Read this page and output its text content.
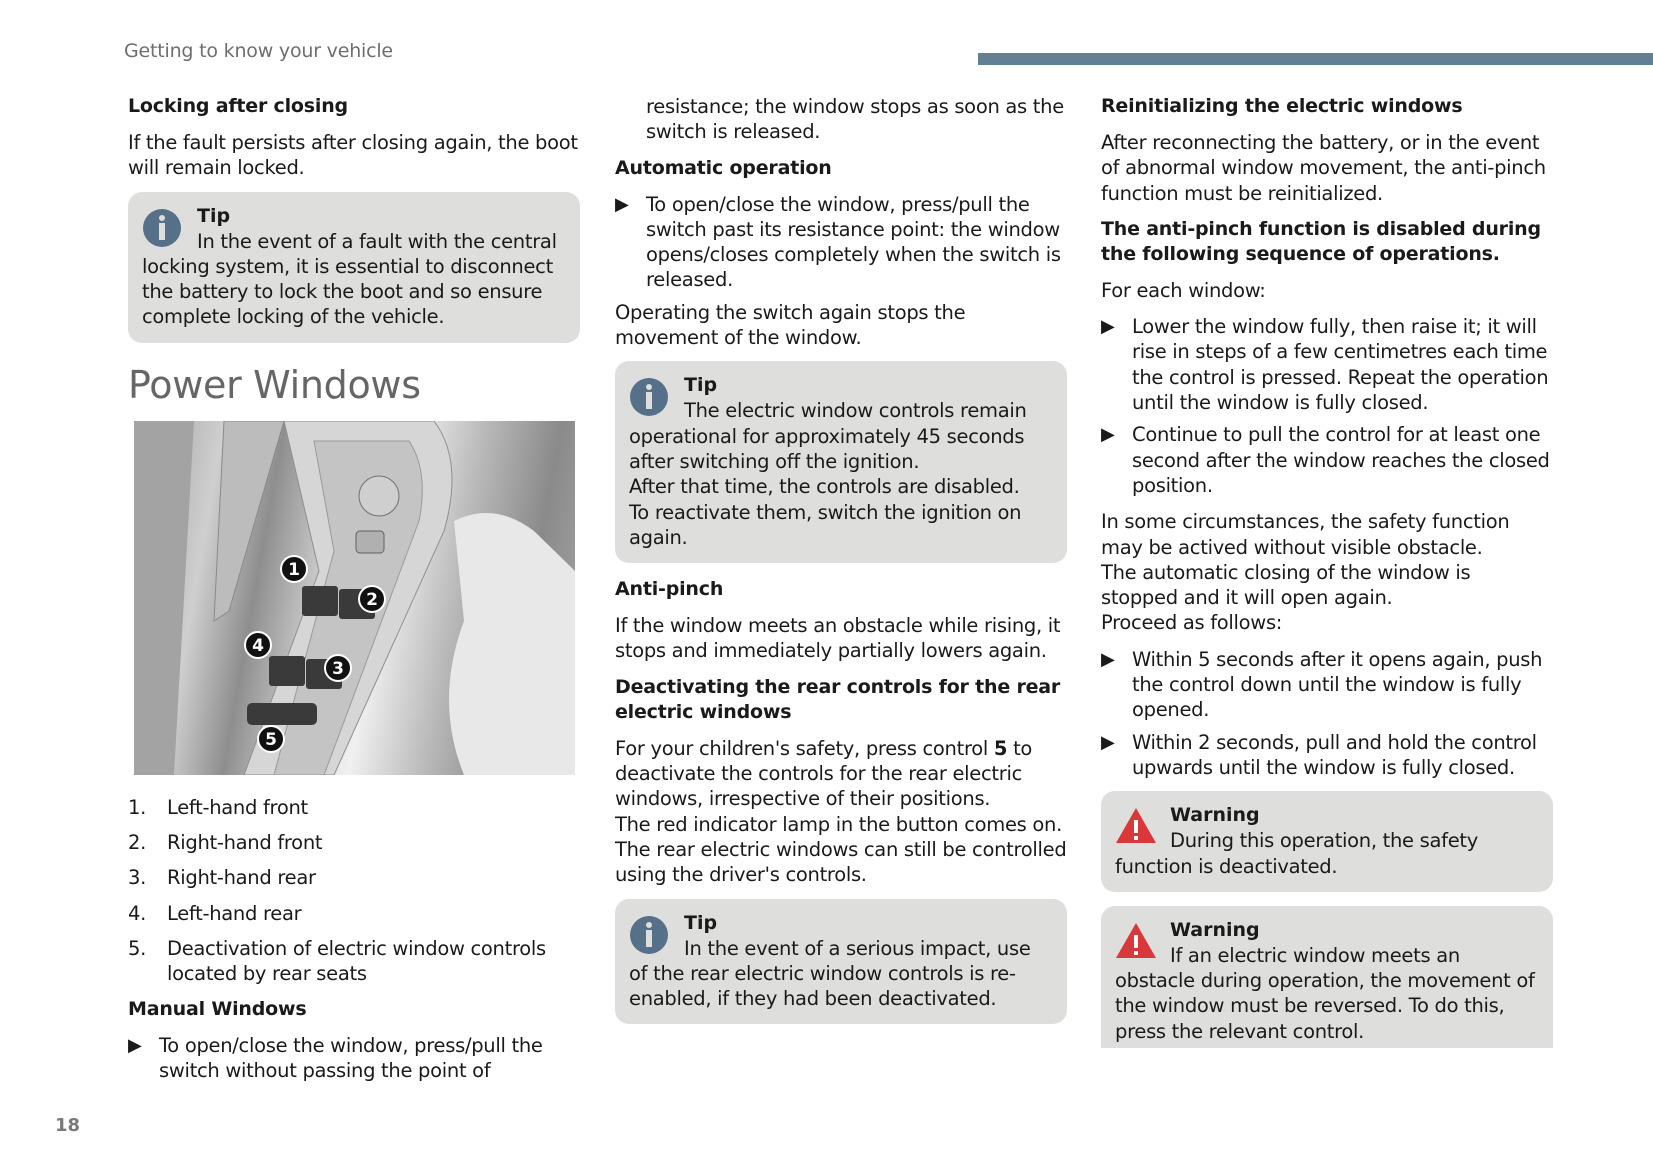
Getting to know your vehicle
Locking after closing
If the fault persists after closing again, the boot will remain locked.
Tip
In the event of a fault with the central locking system, it is essential to disconnect the battery to lock the boot and so ensure complete locking of the vehicle.
Power Windows
1
2
3
4
5
1.	Left-hand front
2.	Right-hand front
3.	Right-hand rear
4.	Left-hand rear
5.	Deactivation of electric window controls located by rear seats
Manual Windows
▶ To open/close the window, press/pull the switch without passing the point of
resistance; the window stops as soon as the switch is released.
Automatic operation
▶ To open/close the window, press/pull the switch past its resistance point: the window opens/closes completely when the switch is released.
Operating the switch again stops the movement of the window.
Tip
The electric window controls remain operational for approximately 45 seconds after switching off the ignition.
After that time, the controls are disabled.
To reactivate them, switch the ignition on again.
Anti-pinch
If the window meets an obstacle while rising, it stops and immediately partially lowers again.
Deactivating the rear controls for the rear electric windows
For your children's safety, press control 5 to deactivate the controls for the rear electric windows, irrespective of their positions.
The red indicator lamp in the button comes on.
The rear electric windows can still be controlled using the driver's controls.
Tip
In the event of a serious impact, use of the rear electric window controls is re-enabled, if they had been deactivated.
Reinitializing the electric windows
After reconnecting the battery, or in the event of abnormal window movement, the anti-pinch function must be reinitialized.
The anti-pinch function is disabled during the following sequence of operations.
For each window:
▶ Lower the window fully, then raise it; it will rise in steps of a few centimetres each time the control is pressed. Repeat the operation until the window is fully closed.
▶ Continue to pull the control for at least one second after the window reaches the closed position.
In some circumstances, the safety function may be actived without visible obstacle.
The automatic closing of the window is stopped and it will open again.
Proceed as follows:
▶ Within 5 seconds after it opens again, push the control down until the window is fully opened.
▶ Within 2 seconds, pull and hold the control upwards until the window is fully closed.
Warning
During this operation, the safety function is deactivated.
Warning
If an electric window meets an obstacle during operation, the movement of the window must be reversed. To do this, press the relevant control.
18
